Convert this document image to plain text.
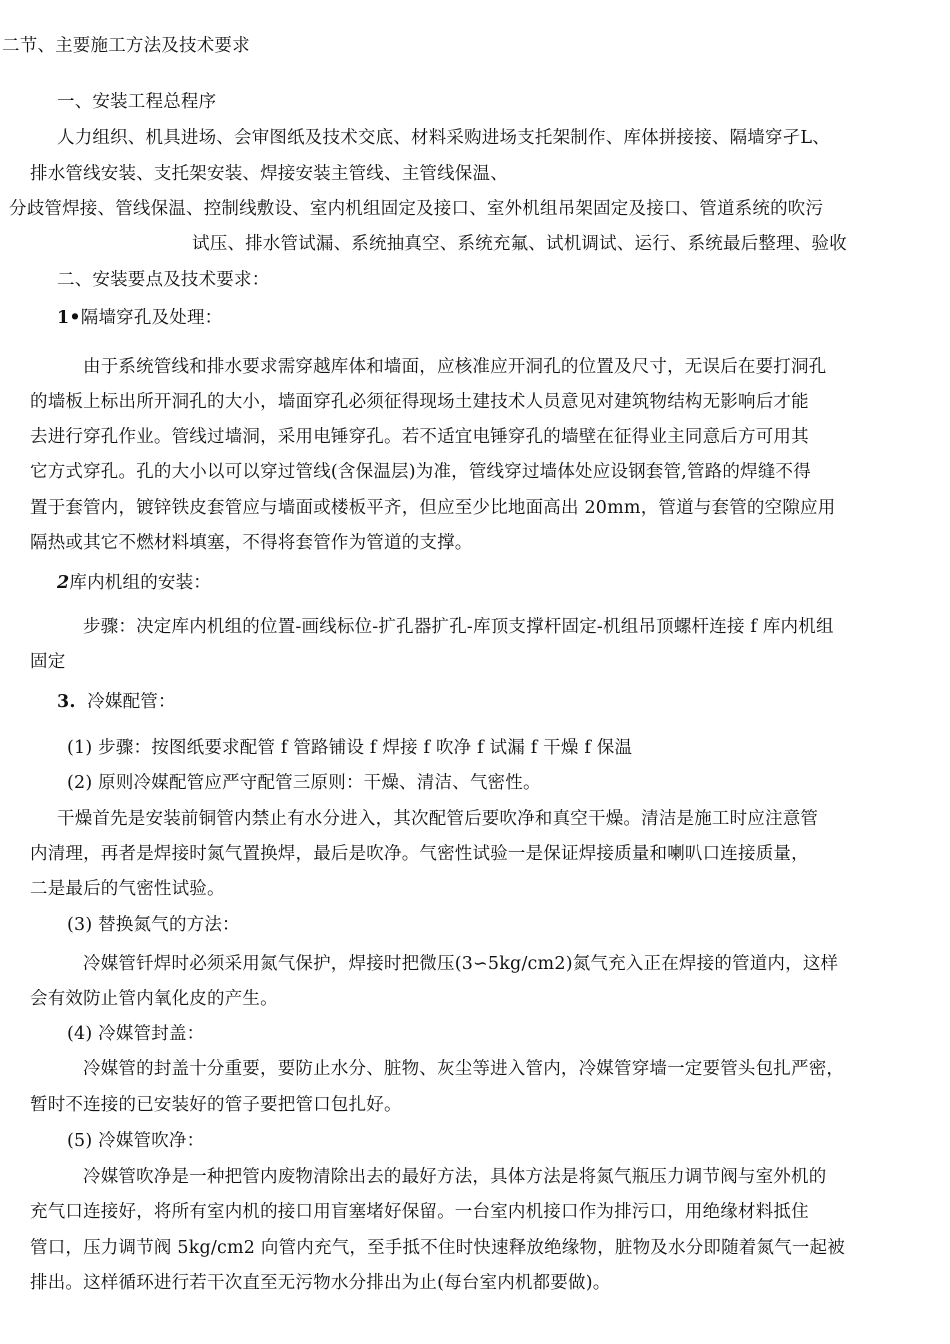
二节、主要施工方法及技术要求
一、安装工程总程序
人力组织、机具进场、会审图纸及技术交底、材料采购进场支托架制作、库体拼接接、隔墙穿孑L、
排水管线安装、支托架安装、焊接安装主管线、主管线保温、
分歧管焊接、管线保温、控制线敷设、室内机组固定及接口、室外机组吊架固定及接口、管道系统的吹污
试压、排水管试漏、系统抽真空、系统充氟、试机调试、运行、系统最后整理、验收
二、安装要点及技术要求：
1•隔墙穿孔及处理：
由于系统管线和排水要求需穿越库体和墙面，应核准应开洞孔的位置及尺寸，无误后在要打洞孔
的墙板上标出所开洞孔的大小，墙面穿孔必须征得现场土建技术人员意见对建筑物结构无影响后才能
去进行穿孔作业。管线过墙洞，采用电锤穿孔。若不适宜电锤穿孔的墙壁在征得业主同意后方可用其
它方式穿孔。孔的大小以可以穿过管线(含保温层)为准，管线穿过墙体处应设钢套管,管路的焊缝不得
置于套管内，镀锌铁皮套管应与墙面或楼板平齐，但应至少比地面高出 20mm，管道与套管的空隙应用
隔热或其它不燃材料填塞，不得将套管作为管道的支撑。
2库内机组的安装：
步骤：决定库内机组的位置-画线标位-扩孔器扩孔-库顶支撑杆固定-机组吊顶螺杆连接 f 库内机组
固定
3. 冷媒配管：
(1) 步骤：按图纸要求配管 f 管路铺设 f 焊接 f 吹净 f 试漏 f 干燥 f 保温
(2) 原则冷媒配管应严守配管三原则：干燥、清洁、气密性。
干燥首先是安装前铜管内禁止有水分进入，其次配管后要吹净和真空干燥。清洁是施工时应注意管
内清理，再者是焊接时氮气置换焊，最后是吹净。气密性试验一是保证焊接质量和喇叭口连接质量，
二是最后的气密性试验。
(3) 替换氮气的方法：
冷媒管钎焊时必须采用氮气保护，焊接时把微压(3∽5kg/cm2)氮气充入正在焊接的管道内，这样
会有效防止管内氧化皮的产生。
(4) 冷媒管封盖：
冷媒管的封盖十分重要，要防止水分、脏物、灰尘等进入管内，冷媒管穿墙一定要管头包扎严密，
暂时不连接的已安装好的管子要把管口包扎好。
(5) 冷媒管吹净：
冷媒管吹净是一种把管内废物清除出去的最好方法，具体方法是将氮气瓶压力调节阀与室外机的
充气口连接好，将所有室内机的接口用盲塞堵好保留。一台室内机接口作为排污口，用绝缘材料抵住
管口，压力调节阀 5kg/cm2 向管内充气，至手抵不住时快速释放绝缘物，脏物及水分即随着氮气一起被
排出。这样循环进行若干次直至无污物水分排出为止(每台室内机都要做)。
